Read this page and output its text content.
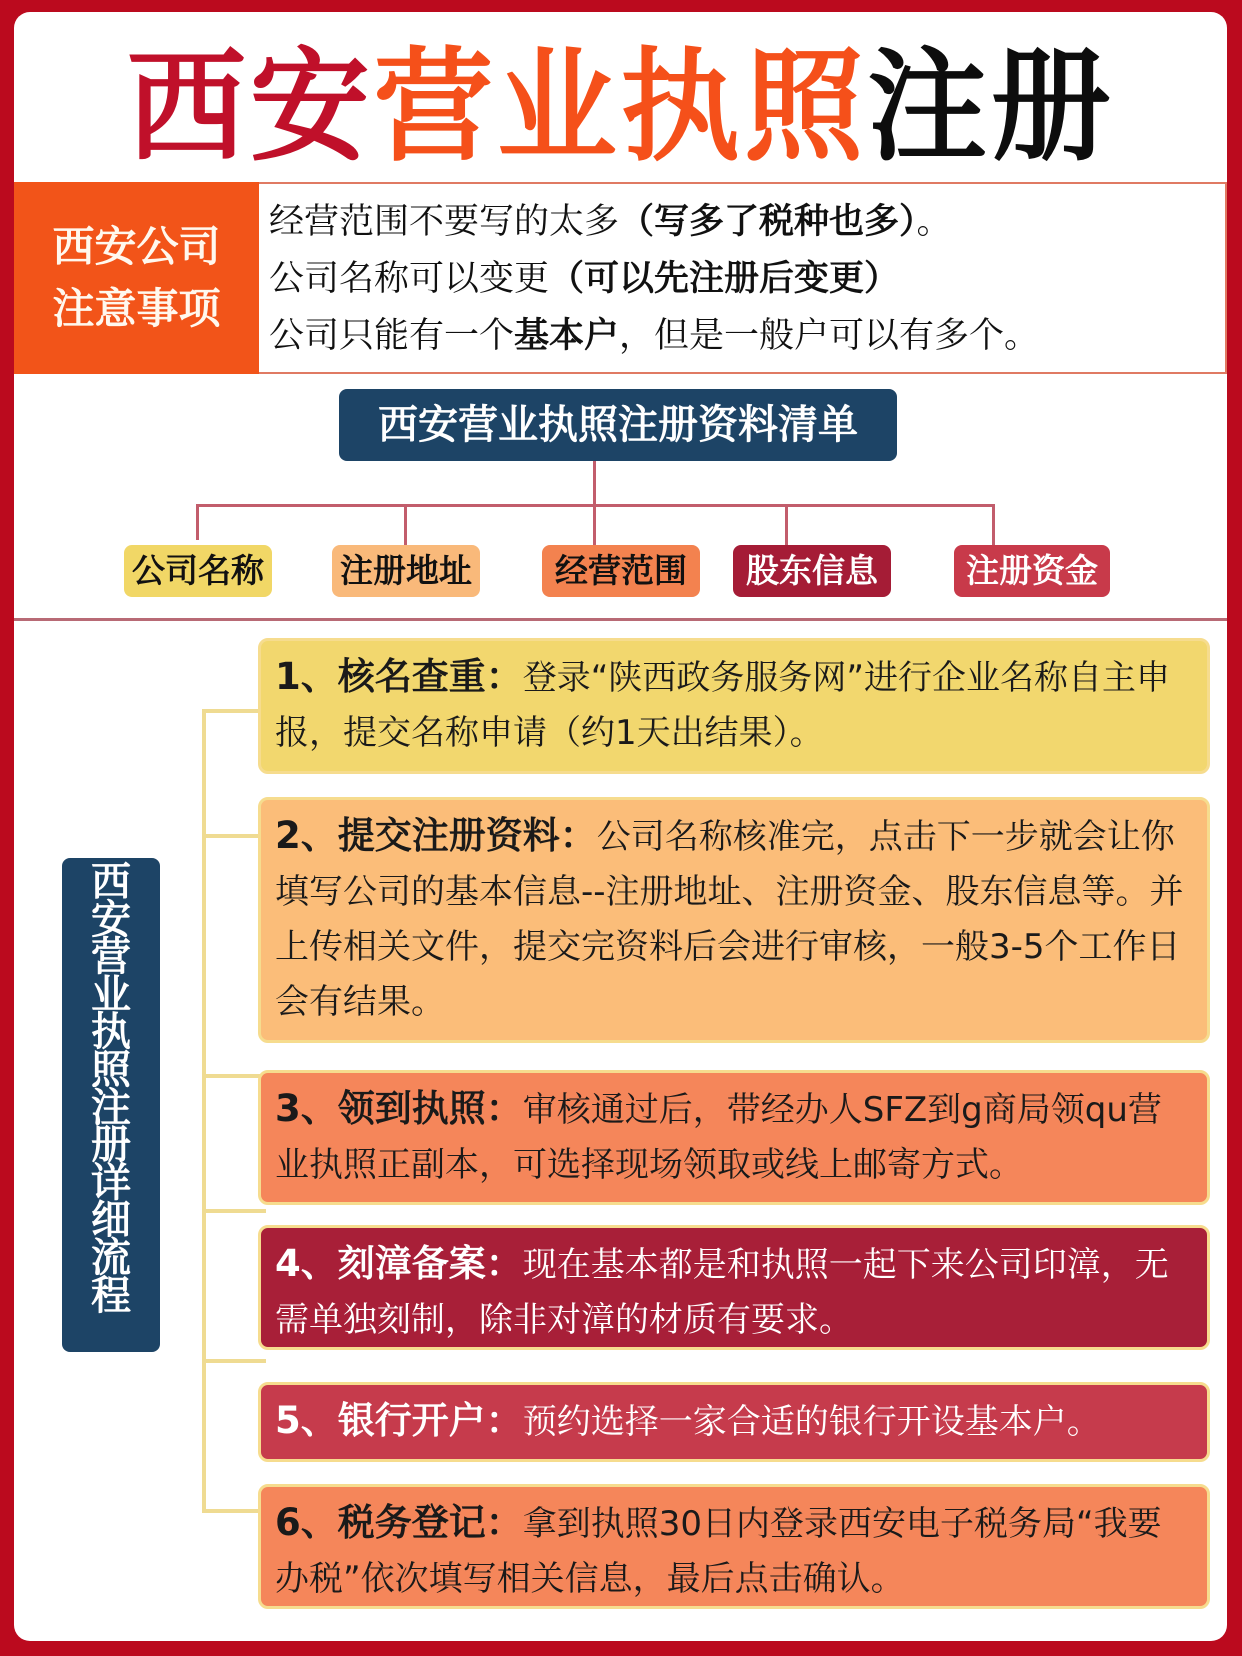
西安营业执照注册
西安公司
注意事项
经营范围不要写的太多（写多了税种也多）。
公司名称可以变更（可以先注册后变更）
公司只能有一个基本户，但是一般户可以有多个。
西安营业执照注册资料清单
公司名称 注册地址	经营范围	股东信息	注册资金
西
安
营
业
执
照
注
册
详
细
流
程
1、核名查重：登录“陕西政务服务网”进行企业名称自主申报，提交名称申请（约1天出结果）。
2、提交注册资料：公司名称核准完，点击下一步就会让你填写公司的基本信息--注册地址、注册资金、股东信息等。并上传相关文件，提交完资料后会进行审核，一般3-5个工作日会有结果。
3、领到执照：审核通过后，带经办人SFZ到g商局领qu营业执照正副本，可选择现场领取或线上邮寄方式。
4、刻漳备案：现在基本都是和执照一起下来公司印漳，无需单独刻制，除非对漳的材质有要求。
5、银行开户：预约选择一家合适的银行开设基本户。
6、税务登记：拿到执照30日内登录西安电子税务局“我要办税”依次填写相关信息，最后点击确认。
